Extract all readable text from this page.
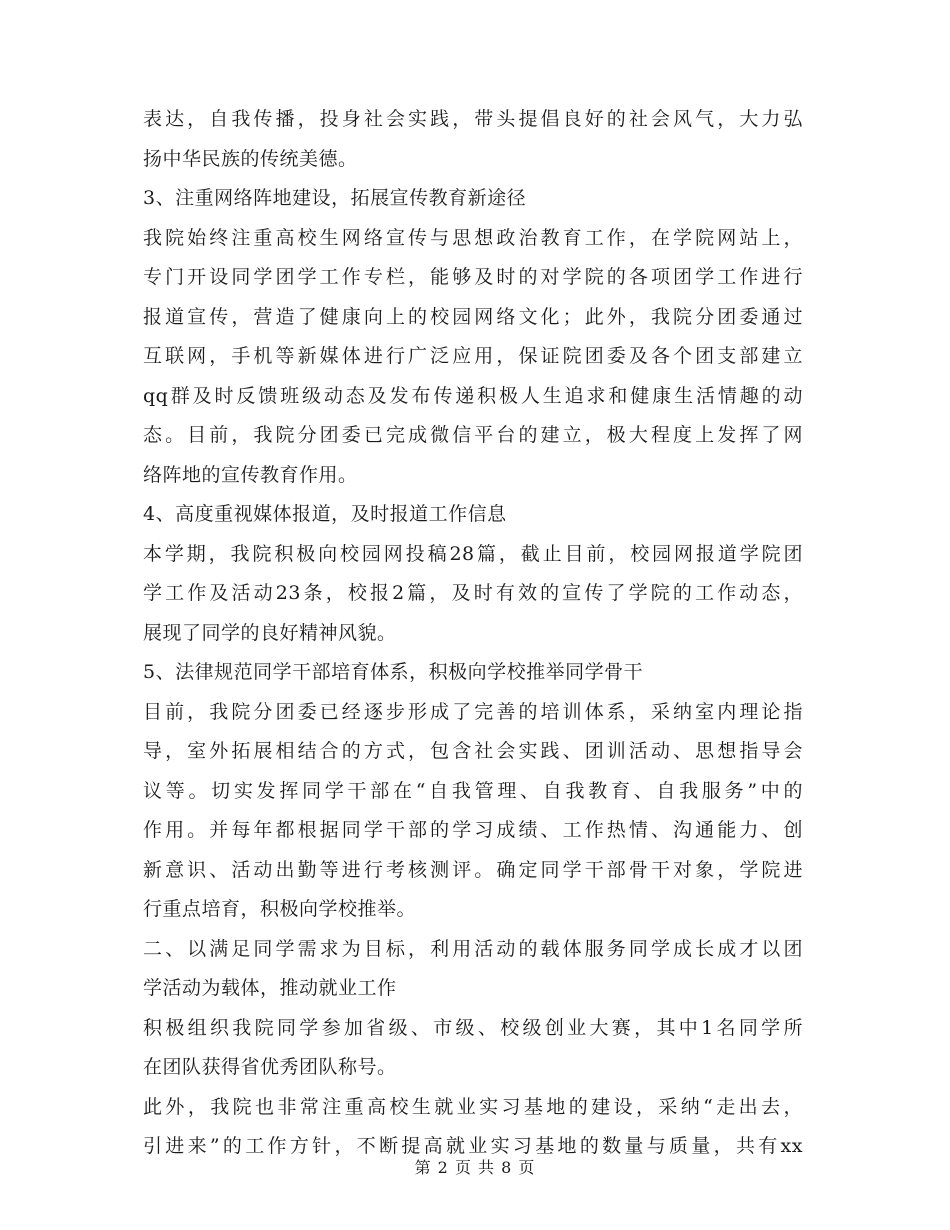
表达，自我传播，投身社会实践，带头提倡良好的社会风气，大力弘
扬中华民族的传统美德。
3、注重网络阵地建设，拓展宣传教育新途径
我院始终注重高校生网络宣传与思想政治教育工作，在学院网站上，
专门开设同学团学工作专栏，能够及时的对学院的各项团学工作进行
报道宣传，营造了健康向上的校园网络文化；此外，我院分团委通过
互联网，手机等新媒体进行广泛应用，保证院团委及各个团支部建立
qq群及时反馈班级动态及发布传递积极人生追求和健康生活情趣的动
态。目前，我院分团委已完成微信平台的建立，极大程度上发挥了网
络阵地的宣传教育作用。
4、高度重视媒体报道，及时报道工作信息
本学期，我院积极向校园网投稿28篇，截止目前，校园网报道学院团
学工作及活动23条，校报2篇，及时有效的宣传了学院的工作动态，
展现了同学的良好精神风貌。
5、法律规范同学干部培育体系，积极向学校推举同学骨干
目前，我院分团委已经逐步形成了完善的培训体系，采纳室内理论指
导，室外拓展相结合的方式，包含社会实践、团训活动、思想指导会
议等。切实发挥同学干部在“自我管理、自我教育、自我服务”中的
作用。并每年都根据同学干部的学习成绩、工作热情、沟通能力、创
新意识、活动出勤等进行考核测评。确定同学干部骨干对象，学院进
行重点培育，积极向学校推举。
二、以满足同学需求为目标，利用活动的载体服务同学成长成才以团
学活动为载体，推动就业工作
积极组织我院同学参加省级、市级、校级创业大赛，其中1名同学所
在团队获得省优秀团队称号。
此外，我院也非常注重高校生就业实习基地的建设，采纳“走出去，
引进来”的工作方针，不断提高就业实习基地的数量与质量，共有xx
第 2 页 共 8 页
